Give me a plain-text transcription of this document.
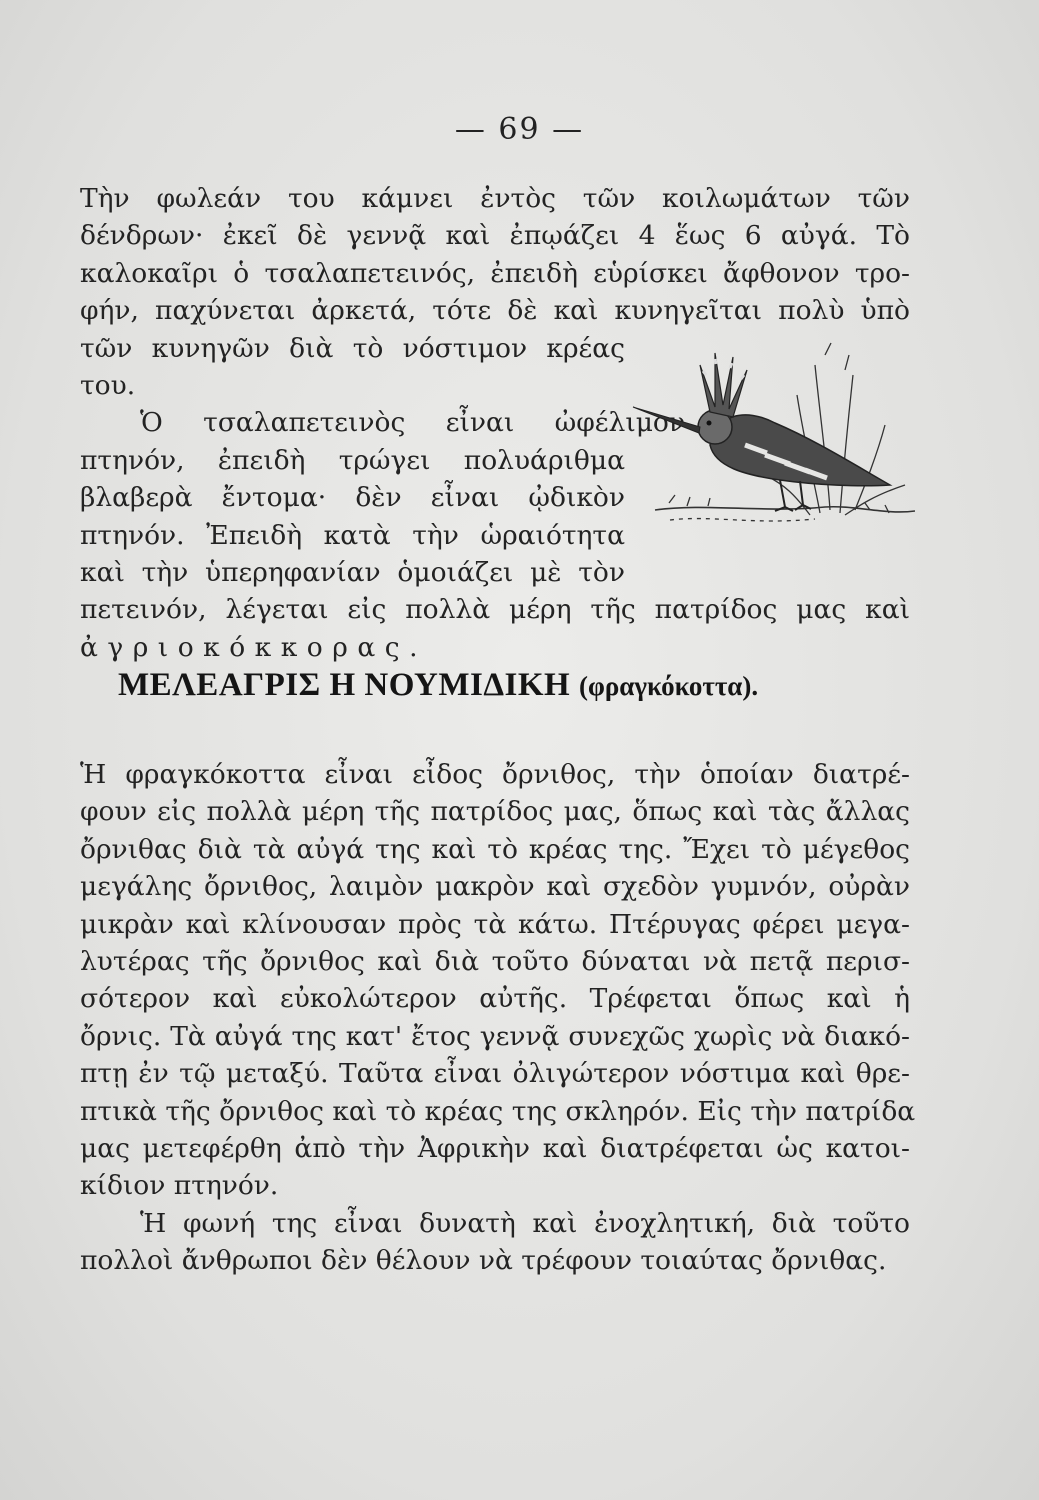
— 69 —
Τὴν φωλεάν του κάμνει ἐντὸς τῶν κοιλωμάτων τῶν
δένδρων· ἐκεῖ δὲ γεννᾷ καὶ ἐπῳάζει 4 ἕως 6 αὐγά. Τὸ
καλοκαῖρι ὁ τσαλαπετεινός, ἐπειδὴ εὑρίσκει ἄφθονον τρο-
φήν, παχύνεται ἀρκετά, τότε δὲ καὶ κυνηγεῖται πολὺ ὑπὸ
τῶν κυνηγῶν διὰ τὸ νόστιμον κρέας
του.
Ὁ τσαλαπετεινὸς εἶναι ὠφέλιμον
πτηνόν, ἐπειδὴ τρώγει πολυάριθμα
βλαβερὰ ἔντομα· δὲν εἶναι ᾠδικὸν
πτηνόν. Ἐπειδὴ κατὰ τὴν ὡραιότητα
καὶ τὴν ὑπερηφανίαν ὁμοιάζει μὲ τὸν
πετεινόν, λέγεται εἰς πολλὰ μέρη τῆς πατρίδος μας καὶ
ἀγριοκόκκορας.
ΜΕΛΕΑΓΡΙΣ Η ΝΟΥΜΙΔΙΚΗ (φραγκόκοττα).
Ἡ φραγκόκοττα εἶναι εἶδος ὄρνιθος, τὴν ὁποίαν διατρέ-
φουν εἰς πολλὰ μέρη τῆς πατρίδος μας, ὅπως καὶ τὰς ἄλλας
ὄρνιθας διὰ τὰ αὐγά της καὶ τὸ κρέας της. Ἔχει τὸ μέγεθος
μεγάλης ὄρνιθος, λαιμὸν μακρὸν καὶ σχεδὸν γυμνόν, οὐρὰν
μικρὰν καὶ κλίνουσαν πρὸς τὰ κάτω. Πτέρυγας φέρει μεγα-
λυτέρας τῆς ὄρνιθος καὶ διὰ τοῦτο δύναται νὰ πετᾷ περισ-
σότερον καὶ εὐκολώτερον αὐτῆς. Τρέφεται ὅπως καὶ ἡ
ὄρνις. Τὰ αὐγά της κατ' ἔτος γεννᾷ συνεχῶς χωρὶς νὰ διακό-
πτῃ ἐν τῷ μεταξύ. Ταῦτα εἶναι ὀλιγώτερον νόστιμα καὶ θρε-
πτικὰ τῆς ὄρνιθος καὶ τὸ κρέας της σκληρόν. Εἰς τὴν πατρίδα
μας μετεφέρθη ἀπὸ τὴν Ἀφρικὴν καὶ διατρέφεται ὡς κατοι-
κίδιον πτηνόν.
Ἡ φωνή της εἶναι δυνατὴ καὶ ἐνοχλητική, διὰ τοῦτο
πολλοὶ ἄνθρωποι δὲν θέλουν νὰ τρέφουν τοιαύτας ὄρνιθας.
